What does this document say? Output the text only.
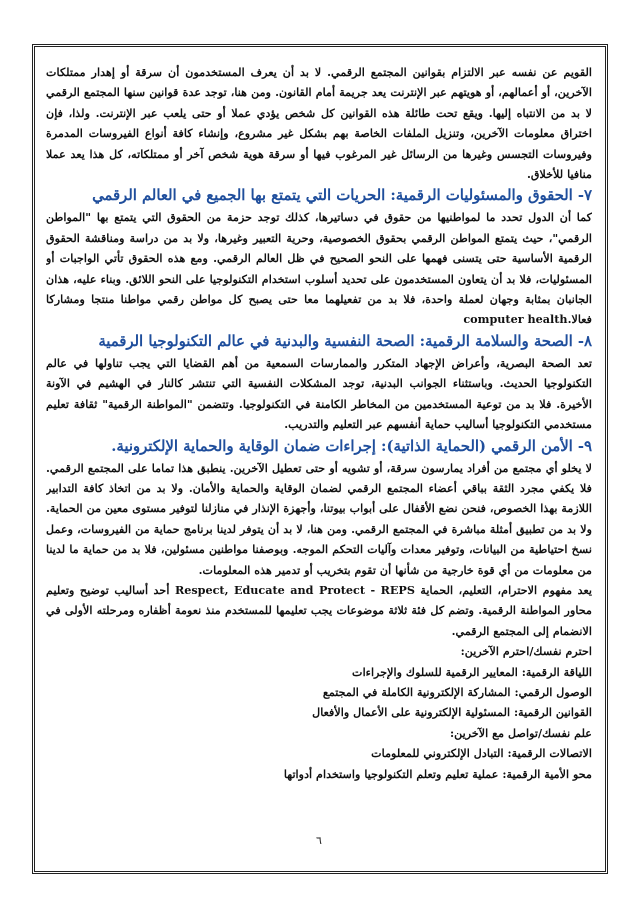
القويم عن نفسه عبر الالتزام بقوانين المجتمع الرقمي. لا بد أن يعرف المستخدمون أن سرقة أو إهدار ممتلكات الآخرين، أو أعمالهم، أو هويتهم عبر الإنترنت يعد جريمة أمام القانون. ومن هنا، توجد عدة قوانين سنها المجتمع الرقمي لا بد من الانتباه إليها. ويقع تحت طائلة هذه القوانين كل شخص يؤدي عملا أو حتى يلعب عبر الإنترنت. ولذا، فإن اختراق معلومات الآخرين، وتنزيل الملفات الخاصة بهم بشكل غير مشروع، وإنشاء كافة أنواع الفيروسات المدمرة وفيروسات التجسس وغيرها من الرسائل غير المرغوب فيها أو سرقة هوية شخص آخر أو ممتلكاته، كل هذا يعد عملا منافيا للأخلاق.

٧- الحقوق والمسئوليات الرقمية: الحريات التي يتمتع بها الجميع في العالم الرقمي

كما أن الدول تحدد ما لمواطنيها من حقوق في دساتيرها، كذلك توجد حزمة من الحقوق التي يتمتع بها "المواطن الرقمي"، حيث يتمتع المواطن الرقمي بحقوق الخصوصية، وحرية التعبير وغيرها، ولا بد من دراسة ومناقشة الحقوق الرقمية الأساسية حتى يتسنى فهمها على النحو الصحيح في ظل العالم الرقمي. ومع هذه الحقوق تأتي الواجبات أو المسئوليات، فلا بد أن يتعاون المستخدمون على تحديد أسلوب استخدام التكنولوجيا على النحو اللائق. وبناء عليه، هذان الجانبان بمثابة وجهان لعملة واحدة، فلا بد من تفعيلهما معا حتى يصبح كل مواطن رقمي مواطنا منتجا ومشاركا فعالا.computer health

٨- الصحة والسلامة الرقمية: الصحة النفسية والبدنية في عالم التكنولوجيا الرقمية

تعد الصحة البصرية، وأعراض الإجهاد المتكرر والممارسات السمعية من أهم القضايا التي يجب تناولها في عالم التكنولوجيا الحديث. وباستثناء الجوانب البدنية، توجد المشكلات النفسية التي تنتشر كالنار في الهشيم في الآونة الأخيرة. فلا بد من توعية المستخدمين من المخاطر الكامنة في التكنولوجيا. وتتضمن "المواطنة الرقمية" ثقافة تعليم مستخدمي التكنولوجيا أساليب حماية أنفسهم عبر التعليم والتدريب.

٩- الأمن الرقمي (الحماية الذاتية): إجراءات ضمان الوقاية والحماية الإلكترونية.

لا يخلو أي مجتمع من أفراد يمارسون سرقة، أو تشويه أو حتى تعطيل الآخرين. ينطبق هذا تماما على المجتمع الرقمي. فلا يكفي مجرد الثقة بباقي أعضاء المجتمع الرقمي لضمان الوقاية والحماية والأمان. ولا بد من اتخاذ كافة التدابير اللازمة بهذا الخصوص، فنحن نضع الأقفال على أبواب بيوتنا، وأجهزة الإنذار في منازلنا لتوفير مستوى معين من الحماية. ولا بد من تطبيق أمثلة مباشرة في المجتمع الرقمي. ومن هنا، لا بد أن يتوفر لدينا برنامج حماية من الفيروسات، وعمل نسخ احتياطية من البيانات، وتوفير معدات وآليات التحكم الموجه. وبوصفنا مواطنين مسئولين، فلا بد من حماية ما لدينا من معلومات من أي قوة خارجية من شأنها أن تقوم بتخريب أو تدمير هذه المعلومات.

يعد مفهوم الاحترام، التعليم، الحماية Respect, Educate and Protect - REPS أحد أساليب توضيح وتعليم محاور المواطنة الرقمية. وتضم كل فئة ثلاثة موضوعات يجب تعليمها للمستخدم منذ نعومة أظفاره ومرحلته الأولى في الانضمام إلى المجتمع الرقمي.

احترم نفسك/احترم الآخرين:
اللياقة الرقمية: المعايير الرقمية للسلوك والإجراءات
الوصول الرقمي: المشاركة الإلكترونية الكاملة في المجتمع
القوانين الرقمية: المسئولية الإلكترونية على الأعمال والأفعال
علم نفسك/تواصل مع الآخرين:
الاتصالات الرقمية: التبادل الإلكتروني للمعلومات
محو الأمية الرقمية: عملية تعليم وتعلم التكنولوجيا واستخدام أدواتها
٦
